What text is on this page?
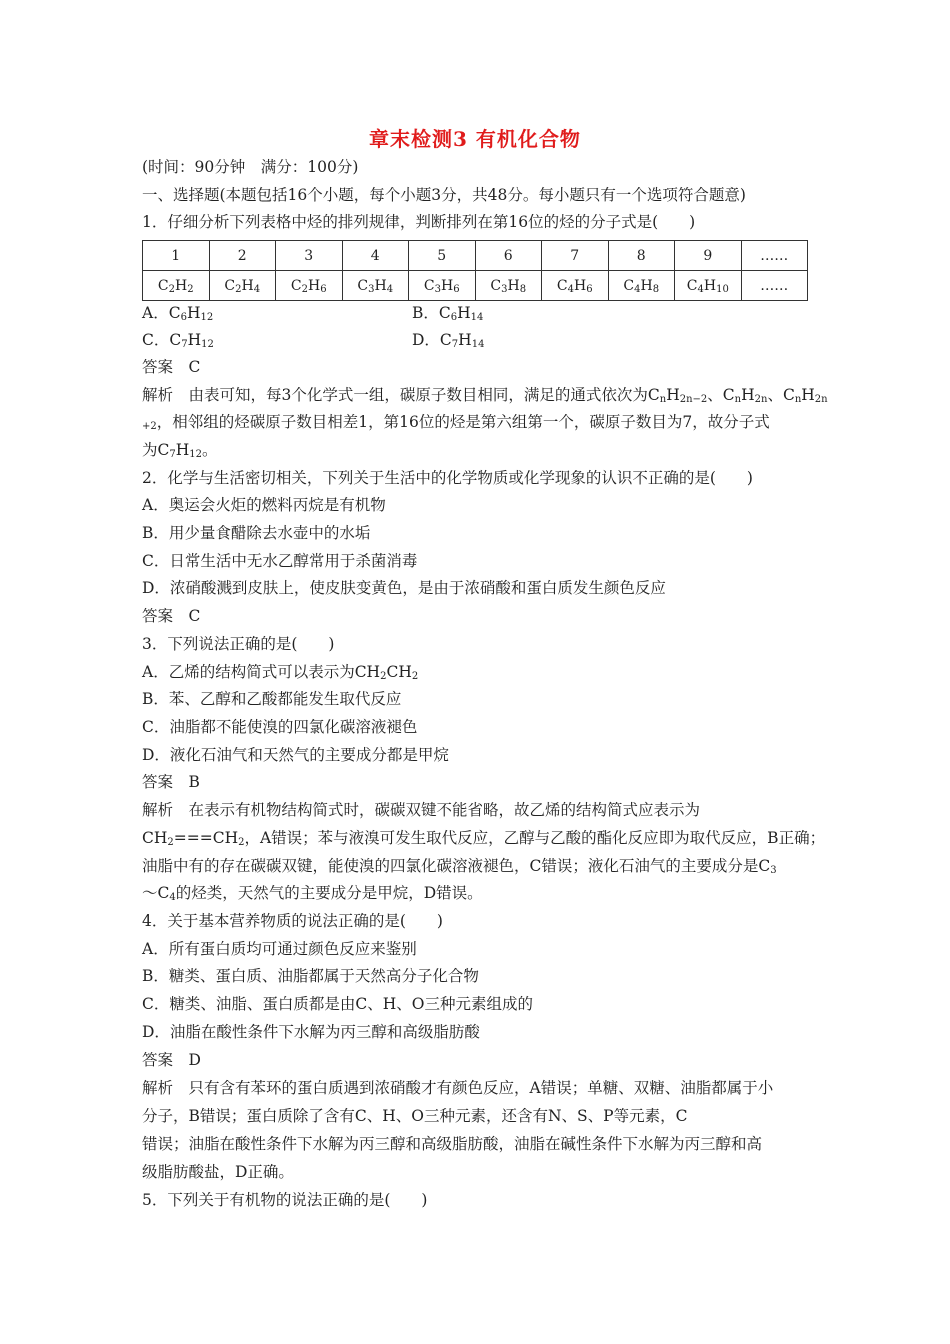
章末检测3 有机化合物
(时间：90分钟　满分：100分)
一、选择题(本题包括16个小题，每个小题3分，共48分。每小题只有一个选项符合题意)
1．仔细分析下列表格中烃的排列规律，判断排列在第16位的烃的分子式是(　　)
1	2	3	4	5	6	7	8	9	……
$C_2H_2$	$C_2H_4$	$C_2H_6$	$C_3H_4$	$C_3H_6$	$C_3H_8$	$C_4H_6$	$C_4H_8$	$C_4H_{10}$	……
A．$C_6H_{12}$	B．$C_6H_{14}$
C．$C_7H_{12}$	D．$C_7H_{14}$
答案　C
解析　由表可知，每3个化学式一组，碳原子数目相同，满足的通式依次为$C_nH_{2n-2}$、$C_nH_{2n}$、$C_nH_{2n}$
$_{+2}$，相邻组的烃碳原子数目相差1，第16位的烃是第六组第一个，碳原子数目为7，故分子式
为$C_7H_{12}$。
2．化学与生活密切相关，下列关于生活中的化学物质或化学现象的认识不正确的是(　　)
A．奥运会火炬的燃料丙烷是有机物
B．用少量食醋除去水壶中的水垢
C．日常生活中无水乙醇常用于杀菌消毒
D．浓硝酸溅到皮肤上，使皮肤变黄色，是由于浓硝酸和蛋白质发生颜色反应
答案　C
3．下列说法正确的是(　　)
A．乙烯的结构简式可以表示为$CH_2CH_2$
B．苯、乙醇和乙酸都能发生取代反应
C．油脂都不能使溴的四氯化碳溶液褪色
D．液化石油气和天然气的主要成分都是甲烷
答案　B
解析　在表示有机物结构简式时，碳碳双键不能省略，故乙烯的结构简式应表示为
$CH_2===CH_2$，A错误；苯与液溴可发生取代反应，乙醇与乙酸的酯化反应即为取代反应，B正确；
油脂中有的存在碳碳双键，能使溴的四氯化碳溶液褪色，C错误；液化石油气的主要成分是$C_3$
$\sim C_4$的烃类，天然气的主要成分是甲烷，D错误。
4．关于基本营养物质的说法正确的是(　　)
A．所有蛋白质均可通过颜色反应来鉴别
B．糖类、蛋白质、油脂都属于天然高分子化合物
C．糖类、油脂、蛋白质都是由C、H、O三种元素组成的
D．油脂在酸性条件下水解为丙三醇和高级脂肪酸
答案　D
解析　只有含有苯环的蛋白质遇到浓硝酸才有颜色反应，A错误；单糖、双糖、油脂都属于小
分子，B错误；蛋白质除了含有C、H、O三种元素，还含有N、S、P等元素，C
错误；油脂在酸性条件下水解为丙三醇和高级脂肪酸，油脂在碱性条件下水解为丙三醇和高
级脂肪酸盐，D正确。
5．下列关于有机物的说法正确的是(　　)
